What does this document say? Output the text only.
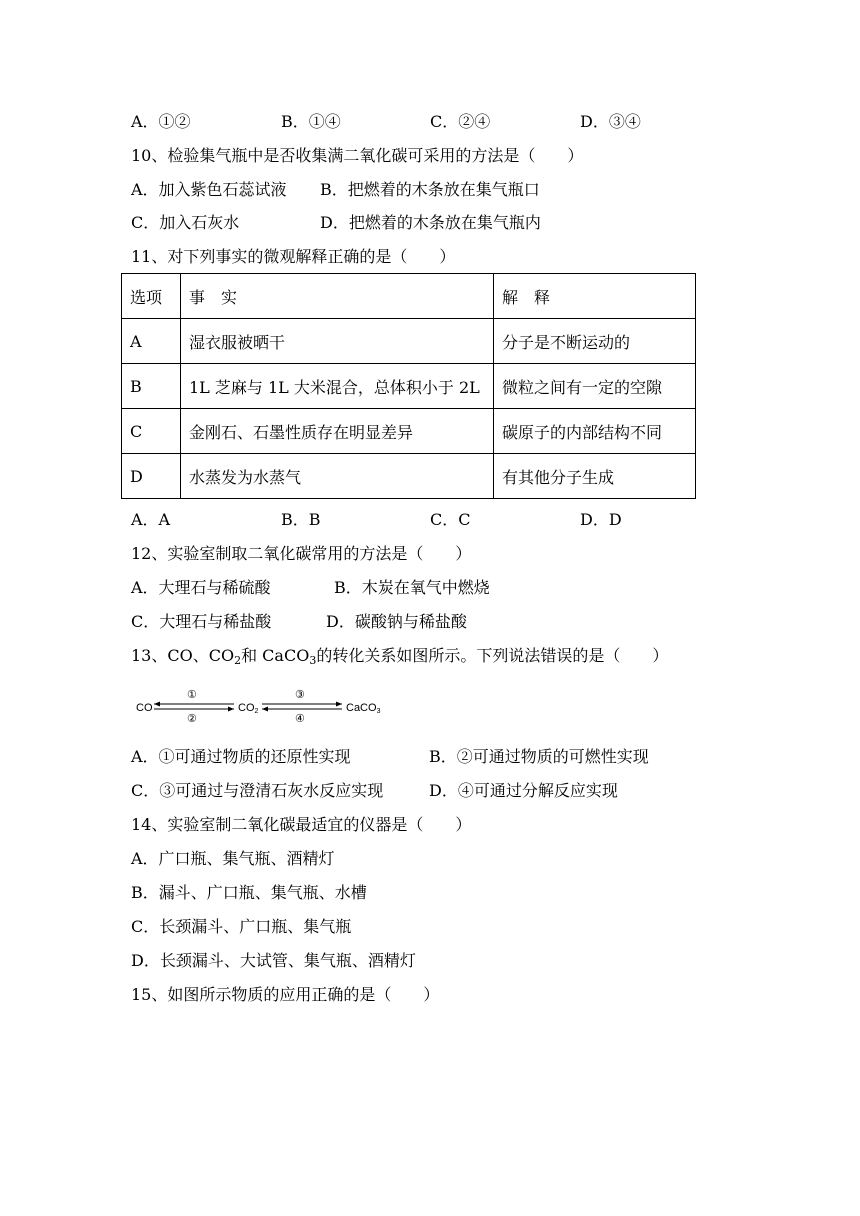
A．①②	B．①④	C．②④	D．③④
10、检验集气瓶中是否收集满二氧化碳可采用的方法是（　　）
A．加入紫色石蕊试液 B．把燃着的木条放在集气瓶口
C．加入石灰水	D．把燃着的木条放在集气瓶内
11、对下列事实的微观解释正确的是（　　）
选项	事　实	解　释
A	湿衣服被晒干	分子是不断运动的
B	1L 芝麻与 1L 大米混合，总体积小于 2L	微粒之间有一定的空隙
C	金刚石、石墨性质存在明显差异	碳原子的内部结构不同
D	水蒸发为水蒸气	有其他分子生成
A．A	B．B	C．C	D．D
12、实验室制取二氧化碳常用的方法是（　　）
A．大理石与稀硫酸	B．木炭在氧气中燃烧
C．大理石与稀盐酸	D．碳酸钠与稀盐酸
13、CO、$CO_2$和 CaCO$_3$的转化关系如图所示。下列说法错误的是（　　）
CO	CO2	CaCO3
①
②
③
④
A．①可通过物质的还原性实现	B．②可通过物质的可燃性实现
C．③可通过与澄清石灰水反应实现	D．④可通过分解反应实现
14、实验室制二氧化碳最适宜的仪器是（　　）
A．广口瓶、集气瓶、酒精灯
B．漏斗、广口瓶、集气瓶、水槽
C．长颈漏斗、广口瓶、集气瓶
D．长颈漏斗、大试管、集气瓶、酒精灯
15、如图所示物质的应用正确的是（　　）
